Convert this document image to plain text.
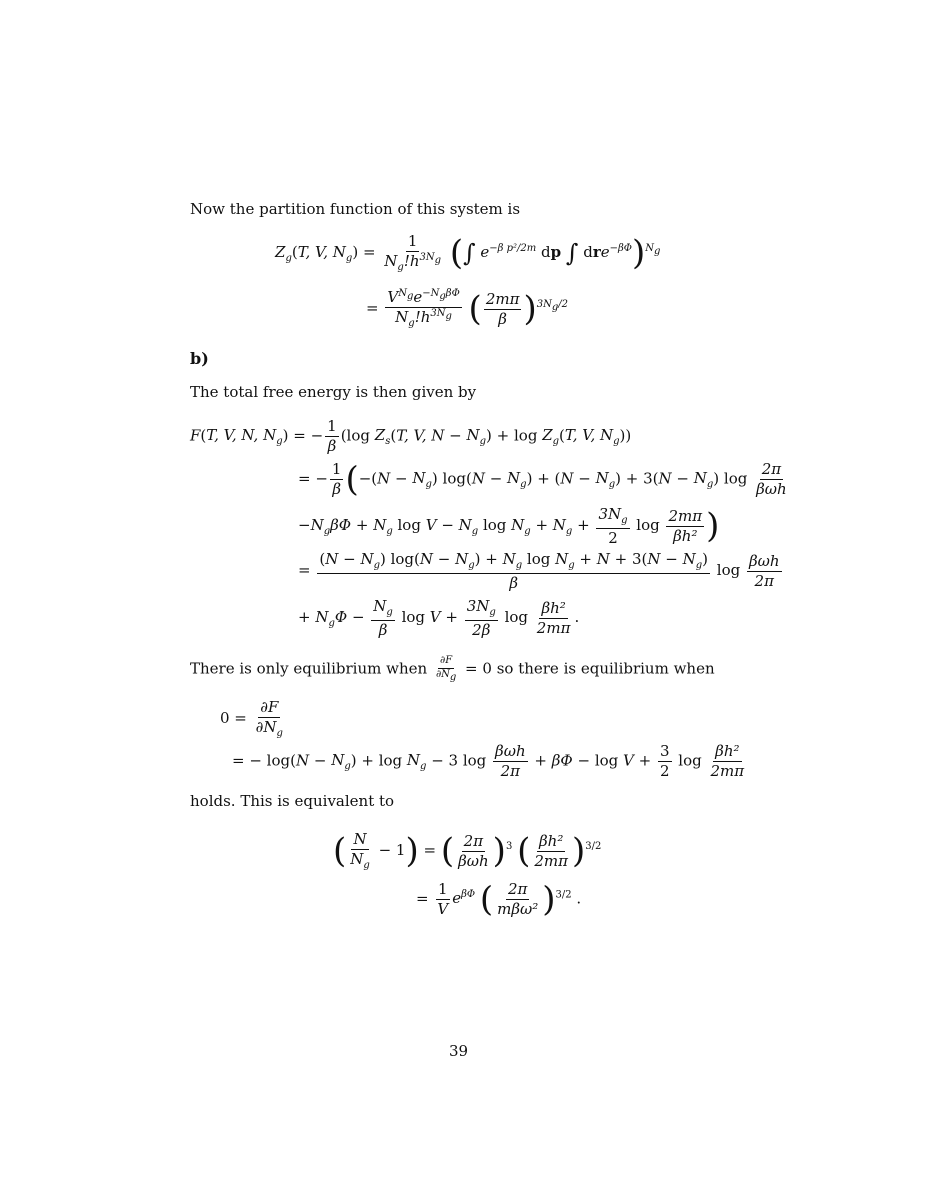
Now the partition function of this system is
$Z_g(T$, V, $N_g) = \frac{1}{N_g!h^{3Ng}}$ (∫ $e^{-\beta p^2/2m}$ dp ∫ dre$^{-\beta\Phi}$)$^{Ng}$
= $\frac{V^{Ng}e^{-Ng\beta\Phi}}{N_g!h^{3Ng}}$ ( $\frac{2m\pi}{\beta} )^{3Ng/2}$
b)
The total free energy is then given by
F(T, V, N, $N_g$) = − $\frac{1}{\beta} (\log$ $Z_s(T$, V, $N - N_g) + \log Z_g(T$, V, $N_g$))
= − $\frac{1}{\beta} (-(N - N_g) \log(N - N_g) + (N - N_g) + 3(N - N_g)$ $\log \frac{2\pi}{\text{βωh}}$
$-N_g\beta\Phi + N_g$ $\log V - N_g$ $\log N_g + N_g + \frac{3N_g}{2}$ $\log \frac{2m\pi}{\text{βh²}}$ )
= $\frac{(N - N_g) \log(N - N_g) + N_g \log N_g + N + 3(N - N_g)}{\beta}$ $\log \frac{\text{βωh}}{2\pi}$
+ $N_g\Phi - \frac{N_g}{\beta}$ $\log V + \frac{3N_g}{2\beta}$ $\log \frac{\text{βh²}}{2m\pi}$ .
There is only equilibrium when $\frac{\partial F}{\partial Ng} = 0$ so there is equilibrium when
$0 = \frac{\partial F}{\partial N_g}$
= − $\log(N - N_g) + \log N_g - 3$ $\log \frac{\text{βωh}}{2\pi} + \beta\Phi - \log V + \frac{3}{2}$ $\log \frac{\text{βh²}}{2m\pi}$
holds. This is equivalent to
( $\frac{N}{N_g} - 1$) = ( $\frac{2\pi}{\text{βωh}} )^3$ ( $\frac{\text{βh²}}{2m\pi} )^{3/2}$
= $\frac{1}{V} e^{\beta\Phi}$ ( $\frac{2\pi}{\text{mβω²}} )^{3/2}$ .
39
